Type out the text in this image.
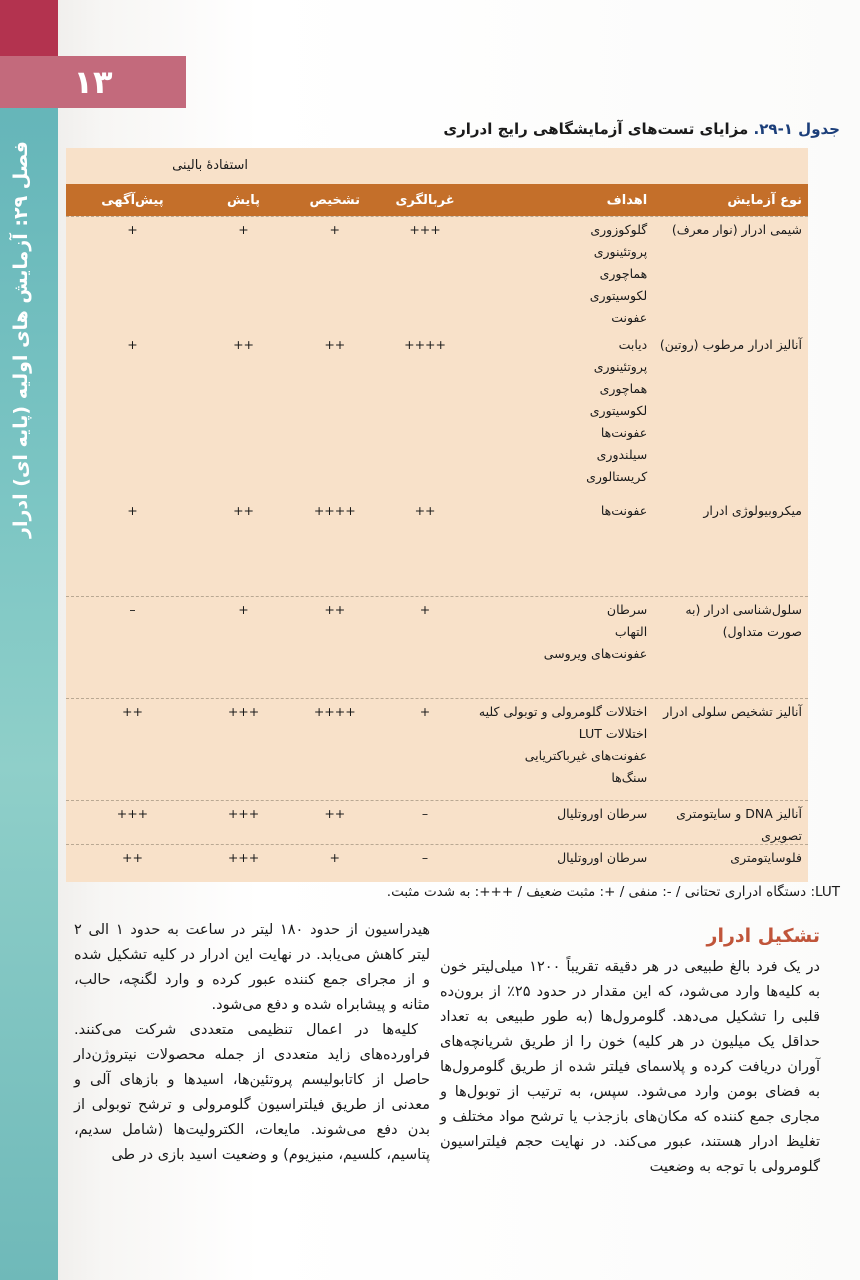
فصل ۲۹: آزمایش های اولیه (پایه ای) ادرار
۱۳
جدول ۱-۲۹. مزایای تست‌های آزمایشگاهی رایج ادراری
استفادهٔ بالینی
نوع آزمایش
اهداف
غربالگری
تشخیص
پایش
پیش‌آگهی
شیمی ادرار (نوار معرف)
گلوکوزوری
پروتئینوری
هماچوری
لکوسیتوری
عفونت
+++
+
+
+
آنالیز ادرار مرطوب (روتین)
دیابت
پروتئینوری
هماچوری
لکوسیتوری
عفونت‌ها
سیلندوری
کریستالوری
++++
++
++
+
میکروبیولوژی ادرار
عفونت‌ها
++
++++
++
+
سلول‌شناسی ادرار (به صورت متداول)
سرطان
التهاب
عفونت‌های ویروسی
+
++
+
–
آنالیز تشخیص سلولی ادرار
اختلالات گلومرولی و توبولی کلیه
اختلالات LUT
عفونت‌های غیرباکتریایی
سنگ‌ها
+
++++
+++
++
آنالیز DNA و سایتومتری تصویری
سرطان اوروتلیال
–
++
+++
+++
فلوسایتومتری
سرطان اوروتلیال
–
+
+++
++
LUT: دستگاه ادراری تحتانی / -: منفی / +: مثبت ضعیف / +++: به شدت مثبت.
تشکیل ادرار

در یک فرد بالغ طبیعی در هر دقیقه تقریباً ۱۲۰۰ میلی‌لیتر خون به کلیه‌ها وارد می‌شود، که این مقدار در حدود ۲۵٪ از برون‌ده قلبی را تشکیل می‌دهد. گلومرول‌ها (به طور طبیعی به تعداد حداقل یک میلیون در هر کلیه) خون را از طریق شریانچه‌های آوران دریافت کرده و پلاسمای فیلتر شده از طریق گلومرول‌ها به فضای بومن وارد می‌شود. سپس، به ترتیب از توبول‌ها و مجاری جمع کننده که مکان‌های بازجذب یا ترشح مواد مختلف و تغلیظ ادرار هستند، عبور می‌کند. در نهایت حجم فیلتراسیون گلومرولی با توجه به وضعیت

هیدراسیون از حدود ۱۸۰ لیتر در ساعت به حدود ۱ الی ۲ لیتر کاهش می‌یابد. در نهایت این ادرار در کلیه تشکیل شده و از مجرای جمع کننده عبور کرده و وارد لگنچه، حالب، مثانه و پیشابراه شده و دفع می‌شود.

کلیه‌ها در اعمال تنظیمی متعددی شرکت می‌کنند. فراورده‌های زاید متعددی از جمله محصولات نیتروژن‌دار حاصل از کاتابولیسم پروتئین‌ها، اسیدها و بازهای آلی و معدنی از طریق فیلتراسیون گلومرولی و ترشح توبولی از بدن دفع می‌شوند. مایعات، الکترولیت‌ها (شامل سدیم، پتاسیم، کلسیم، منیزیوم) و وضعیت اسید بازی در طی
